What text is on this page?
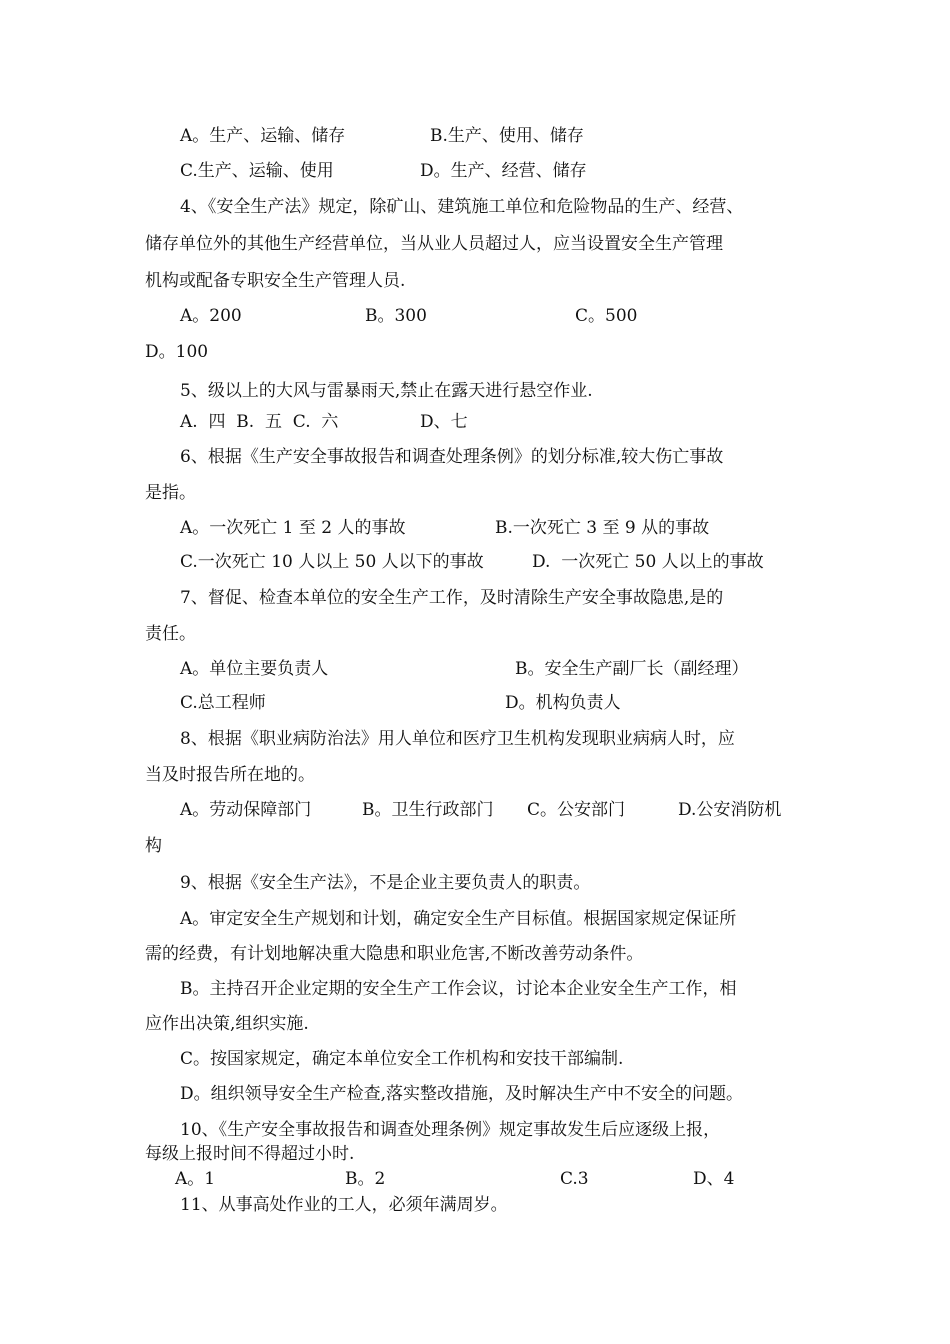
A。生产、运输、储存	B.生产、使用、储存
C.生产、运输、使用	D。生产、经营、储存
4、《安全生产法》规定，除矿山、建筑施工单位和危险物品的生产、经营、
储存单位外的其他生产经营单位，当从业人员超过人，应当设置安全生产管理
机构或配备专职安全生产管理人员.
A。200	B。300	C。500
D。100
5、级以上的大风与雷暴雨天,禁止在露天进行悬空作业.
A.  四  B.  五  C.  六	D、七
6、根据《生产安全事故报告和调查处理条例》的划分标准,较大伤亡事故
是指。
A。一次死亡 1 至 2 人的事故	B.一次死亡 3 至 9 从的事故
C.一次死亡 10 人以上 50 人以下的事故	D.  一次死亡 50 人以上的事故
7、督促、检查本单位的安全生产工作，及时清除生产安全事故隐患,是的
责任。
A。单位主要负责人	B。安全生产副厂长（副经理）
C.总工程师	D。机构负责人
8、根据《职业病防治法》用人单位和医疗卫生机构发现职业病病人时，应
当及时报告所在地的。
A。劳动保障部门	B。卫生行政部门 C。公安部门	D.公安消防机
构
9、根据《安全生产法》，不是企业主要负责人的职责。
A。审定安全生产规划和计划，确定安全生产目标值。根据国家规定保证所
需的经费，有计划地解决重大隐患和职业危害,不断改善劳动条件。
B。主持召开企业定期的安全生产工作会议，讨论本企业安全生产工作，相
应作出决策,组织实施.
C。按国家规定，确定本单位安全工作机构和安技干部编制.
D。组织领导安全生产检查,落实整改措施，及时解决生产中不安全的问题。
10、《生产安全事故报告和调查处理条例》规定事故发生后应逐级上报，
每级上报时间不得超过小时.
A。1	B。2	C.3	D、4
11、从事高处作业的工人，必须年满周岁。
